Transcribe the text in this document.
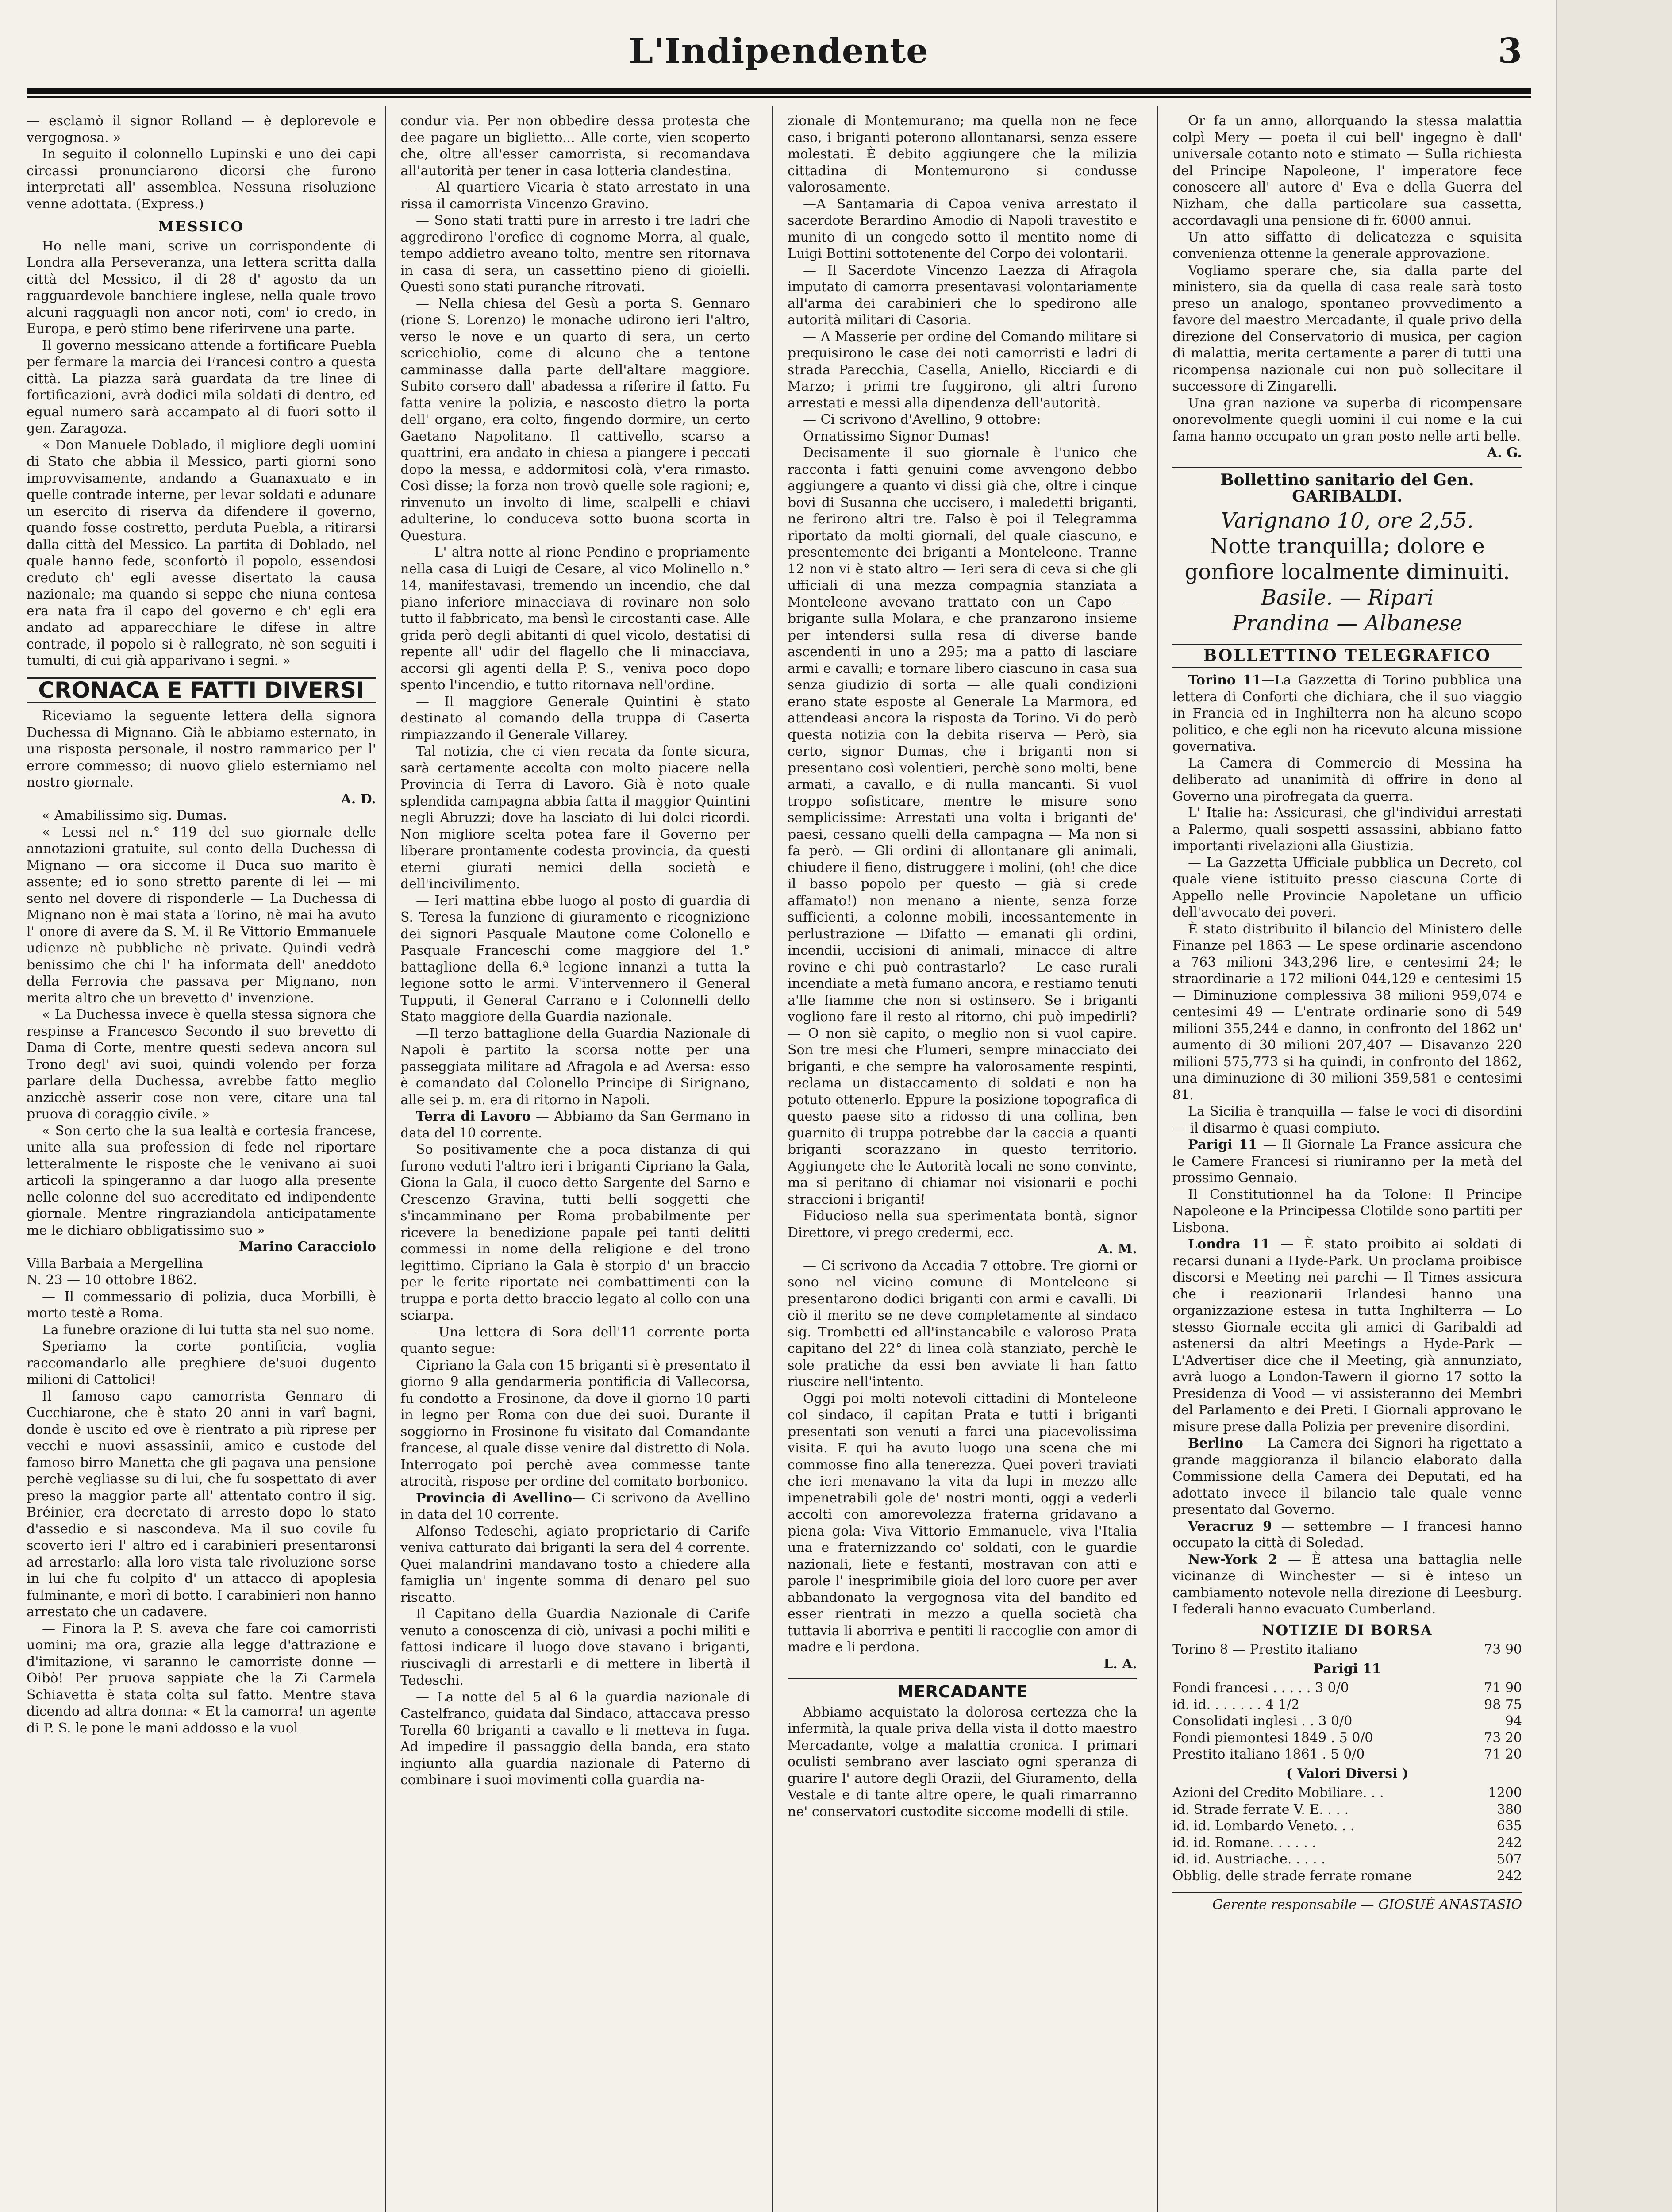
L'Indipendente	3

— esclamò il signor Rolland — è deplorevole e vergognosa. »

In seguito il colonnello Lupinski e uno dei capi circassi pronunciarono dicorsi che furono interpretati all' assemblea. Nessuna risoluzione venne adottata. (Express.)

MESSICO

Ho nelle mani, scrive un corrispondente di Londra alla Perseveranza, una lettera scritta dalla città del Messico, il di 28 d' agosto da un ragguardevole banchiere inglese, nella quale trovo alcuni ragguagli non ancor noti, com' io credo, in Europa, e però stimo bene riferirvene una parte.

Il governo messicano attende a fortificare Puebla per fermare la marcia dei Francesi contro a questa città. La piazza sarà guardata da tre linee di fortificazioni, avrà dodici mila soldati di dentro, ed egual numero sarà accampato al di fuori sotto il gen. Zaragoza.

« Don Manuele Doblado, il migliore degli uomini di Stato che abbia il Messico, parti giorni sono improvvisamente, andando a Guanaxuato e in quelle contrade interne, per levar soldati e adunare un esercito di riserva da difendere il governo, quando fosse costretto, perduta Puebla, a ritirarsi dalla città del Messico. La partita di Doblado, nel quale hanno fede, sconfortò il popolo, essendosi creduto ch' egli avesse disertato la causa nazionale; ma quando si seppe che niuna contesa era nata fra il capo del governo e ch' egli era andato ad apparecchiare le difese in altre contrade, il popolo si è rallegrato, nè son seguiti i tumulti, di cui già apparivano i segni. »

CRONACA E FATTI DIVERSI

Riceviamo la seguente lettera della signora Duchessa di Mignano. Già le abbiamo esternato, in una risposta personale, il nostro rammarico per l' errore commesso; di nuovo glielo esterniamo nel nostro giornale.

A. D.

« Amabilissimo sig. Dumas.

« Lessi nel n.° 119 del suo giornale delle annotazioni gratuite, sul conto della Duchessa di Mignano — ora siccome il Duca suo marito è assente; ed io sono stretto parente di lei — mi sento nel dovere di risponderle — La Duchessa di Mignano non è mai stata a Torino, nè mai ha avuto l' onore di avere da S. M. il Re Vittorio Emmanuele udienze nè pubbliche nè private. Quindi vedrà benissimo che chi l' ha informata dell' aneddoto della Ferrovia che passava per Mignano, non merita altro che un brevetto d' invenzione.

« La Duchessa invece è quella stessa signora che respinse a Francesco Secondo il suo brevetto di Dama di Corte, mentre questi sedeva ancora sul Trono degl' avi suoi, quindi volendo per forza parlare della Duchessa, avrebbe fatto meglio anzicchè asserir cose non vere, citare una tal pruova di coraggio civile. »

« Son certo che la sua lealtà e cortesia francese, unite alla sua profession di fede nel riportare letteralmente le risposte che le venivano ai suoi articoli la spingeranno a dar luogo alla presente nelle colonne del suo accreditato ed indipendente giornale. Mentre ringraziandola anticipatamente me le dichiaro obbligatissimo suo »

Marino Caracciolo

Villa Barbaia a Mergellina

N. 23 — 10 ottobre 1862.

— Il commessario di polizia, duca Morbilli, è morto testè a Roma.

La funebre orazione di lui tutta sta nel suo nome.

Speriamo la corte pontificia, voglia raccomandarlo alle preghiere de'suoi dugento milioni di Cattolici!

Il famoso capo camorrista Gennaro di Cucchiarone, che è stato 20 anni in varî bagni, donde è uscito ed ove è rientrato a più riprese per vecchi e nuovi assassinii, amico e custode del famoso birro Manetta che gli pagava una pensione perchè vegliasse su di lui, che fu sospettato di aver preso la maggior parte all' attentato contro il sig. Bréinier, era decretato di arresto dopo lo stato d'assedio e si nascondeva. Ma il suo covile fu scoverto ieri l' altro ed i carabinieri presentaronsi ad arrestarlo: alla loro vista tale rivoluzione sorse in lui che fu colpito d' un attacco di apoplesia fulminante, e morì di botto. I carabinieri non hanno arrestato che un cadavere.

— Finora la P. S. aveva che fare coi camorristi uomini; ma ora, grazie alla legge d'attrazione e d'imitazione, vi saranno le camorriste donne — Oibò! Per pruova sappiate che la Zi Carmela Schiavetta è stata colta sul fatto. Mentre stava dicendo ad altra donna: « Et la camorra! un agente di P. S. le pone le mani addosso e la vuol

condur via. Per non obbedire dessa protesta che dee pagare un biglietto... Alle corte, vien scoperto che, oltre all'esser camorrista, si recomandava all'autorità per tener in casa lotteria clandestina.

— Al quartiere Vicaria è stato arrestato in una rissa il camorrista Vincenzo Gravino.

— Sono stati tratti pure in arresto i tre ladri che aggredirono l'orefice di cognome Morra, al quale, tempo addietro aveano tolto, mentre sen ritornava in casa di sera, un cassettino pieno di gioielli. Questi sono stati puranche ritrovati.

— Nella chiesa del Gesù a porta S. Gennaro (rione S. Lorenzo) le monache udirono ieri l'altro, verso le nove e un quarto di sera, un certo scricchiolio, come di alcuno che a tentone camminasse dalla parte dell'altare maggiore. Subito corsero dall' abadessa a riferire il fatto. Fu fatta venire la polizia, e nascosto dietro la porta dell' organo, era colto, fingendo dormire, un certo Gaetano Napolitano. Il cattivello, scarso a quattrini, era andato in chiesa a piangere i peccati dopo la messa, e addormitosi colà, v'era rimasto. Così disse; la forza non trovò quelle sole ragioni; e, rinvenuto un involto di lime, scalpelli e chiavi adulterine, lo conduceva sotto buona scorta in Questura.

— L' altra notte al rione Pendino e propriamente nella casa di Luigi de Cesare, al vico Molinello n.° 14, manifestavasi, tremendo un incendio, che dal piano inferiore minacciava di rovinare non solo tutto il fabbricato, ma bensì le circostanti case. Alle grida però degli abitanti di quel vicolo, destatisi di repente all' udir del flagello che li minacciava, accorsi gli agenti della P. S., veniva poco dopo spento l'incendio, e tutto ritornava nell'ordine.

— Il maggiore Generale Quintini è stato destinato al comando della truppa di Caserta rimpiazzando il Generale Villarey.

Tal notizia, che ci vien recata da fonte sicura, sarà certamente accolta con molto piacere nella Provincia di Terra di Lavoro. Già è noto quale splendida campagna abbia fatta il maggior Quintini negli Abruzzi; dove ha lasciato di lui dolci ricordi. Non migliore scelta potea fare il Governo per liberare prontamente codesta provincia, da questi eterni giurati nemici della società e dell'incivilimento.

— Ieri mattina ebbe luogo al posto di guardia di S. Teresa la funzione di giuramento e ricognizione dei signori Pasquale Mautone come Colonello e Pasquale Franceschi come maggiore del 1.° battaglione della 6.ª legione innanzi a tutta la legione sotto le armi. V'intervennero il General Tupputi, il General Carrano e i Colonnelli dello Stato maggiore della Guardia nazionale.

—Il terzo battaglione della Guardia Nazionale di Napoli è partito la scorsa notte per una passeggiata militare ad Afragola e ad Aversa: esso è comandato dal Colonello Principe di Sirignano, alle sei p. m. era di ritorno in Napoli.

Terra di Lavoro — Abbiamo da San Germano in data del 10 corrente.

So positivamente che a poca distanza di qui furono veduti l'altro ieri i briganti Cipriano la Gala, Giona la Gala, il cuoco detto Sargente del Sarno e Crescenzo Gravina, tutti belli soggetti che s'incamminano per Roma probabilmente per ricevere la benedizione papale pei tanti delitti commessi in nome della religione e del trono legittimo. Cipriano la Gala è storpio d' un braccio per le ferite riportate nei combattimenti con la truppa e porta detto braccio legato al collo con una sciarpa.

— Una lettera di Sora dell'11 corrente porta quanto segue:

Cipriano la Gala con 15 briganti si è presentato il giorno 9 alla gendarmeria pontificia di Vallecorsa, fu condotto a Frosinone, da dove il giorno 10 parti in legno per Roma con due dei suoi. Durante il soggiorno in Frosinone fu visitato dal Comandante francese, al quale disse venire dal distretto di Nola. Interrogato poi perchè avea commesse tante atrocità, rispose per ordine del comitato borbonico.

Provincia di Avellino— Ci scrivono da Avellino in data del 10 corrente.

Alfonso Tedeschi, agiato proprietario di Carife veniva catturato dai briganti la sera del 4 corrente. Quei malandrini mandavano tosto a chiedere alla famiglia un' ingente somma di denaro pel suo riscatto.

Il Capitano della Guardia Nazionale di Carife venuto a conoscenza di ciò, univasi a pochi militi e fattosi indicare il luogo dove stavano i briganti, riuscivagli di arrestarli e di mettere in libertà il Tedeschi.

— La notte del 5 al 6 la guardia nazionale di Castelfranco, guidata dal Sindaco, attaccava presso Torella 60 briganti a cavallo e li metteva in fuga. Ad impedire il passaggio della banda, era stato ingiunto alla guardia nazionale di Paterno di combinare i suoi movimenti colla guardia na-

zionale di Montemurano; ma quella non ne fece caso, i briganti poterono allontanarsi, senza essere molestati. È debito aggiungere che la milizia cittadina di Montemurono si condusse valorosamente.

—A Santamaria di Capoa veniva arrestato il sacerdote Berardino Amodio di Napoli travestito e munito di un congedo sotto il mentito nome di Luigi Bottini sottotenente del Corpo dei volontarii.

— Il Sacerdote Vincenzo Laezza di Afragola imputato di camorra presentavasi volontariamente all'arma dei carabinieri che lo spedirono alle autorità militari di Casoria.

— A Masserie per ordine del Comando militare si prequisirono le case dei noti camorristi e ladri di strada Parecchia, Casella, Aniello, Ricciardi e di Marzo; i primi tre fuggirono, gli altri furono arrestati e messi alla dipendenza dell'autorità.

— Ci scrivono d'Avellino, 9 ottobre:

Ornatissimo Signor Dumas!

Decisamente il suo giornale è l'unico che racconta i fatti genuini come avvengono debbo aggiungere a quanto vi dissi già che, oltre i cinque bovi di Susanna che uccisero, i maledetti briganti, ne ferirono altri tre. Falso è poi il Telegramma riportato da molti giornali, del quale ciascuno, e presentemente dei briganti a Monteleone. Tranne 12 non vi è stato altro — Ieri sera di ceva si che gli ufficiali di una mezza compagnia stanziata a Monteleone avevano trattato con un Capo — brigante sulla Molara, e che pranzarono insieme per intendersi sulla resa di diverse bande ascendenti in uno a 295; ma a patto di lasciare armi e cavalli; e tornare libero ciascuno in casa sua senza giudizio di sorta — alle quali condizioni erano state esposte al Generale La Marmora, ed attendeasi ancora la risposta da Torino. Vi do però questa notizia con la debita riserva — Però, sia certo, signor Dumas, che i briganti non si presentano così volentieri, perchè sono molti, bene armati, a cavallo, e di nulla mancanti. Si vuol troppo sofisticare, mentre le misure sono semplicissime: Arrestati una volta i briganti de' paesi, cessano quelli della campagna — Ma non si fa però. — Gli ordini di allontanare gli animali, chiudere il fieno, distruggere i molini, (oh! che dice il basso popolo per questo — già si crede affamato!) non menano a niente, senza forze sufficienti, a colonne mobili, incessantemente in perlustrazione — Difatto — emanati gli ordini, incendii, uccisioni di animali, minacce di altre rovine e chi può contrastarlo? — Le case rurali incendiate a metà fumano ancora, e restiamo tenuti a'lle fiamme che non si ostinsero. Se i briganti vogliono fare il resto al ritorno, chi può impedirli? — O non siè capito, o meglio non si vuol capire. Son tre mesi che Flumeri, sempre minacciato dei briganti, e che sempre ha valorosamente respinti, reclama un distaccamento di soldati e non ha potuto ottenerlo. Eppure la posizione topografica di questo paese sito a ridosso di una collina, ben guarnito di truppa potrebbe dar la caccia a quanti briganti scorazzano in questo territorio. Aggiungete che le Autorità locali ne sono convinte, ma si peritano di chiamar noi visionarii e pochi straccioni i briganti!

Fiducioso nella sua sperimentata bontà, signor Direttore, vi prego credermi, ecc.

A. M.

— Ci scrivono da Accadia 7 ottobre. Tre giorni or sono nel vicino comune di Monteleone si presentarono dodici briganti con armi e cavalli. Di ciò il merito se ne deve completamente al sindaco sig. Trombetti ed all'instancabile e valoroso Prata capitano del 22° di linea colà stanziato, perchè le sole pratiche da essi ben avviate li han fatto riuscire nell'intento.

Oggi poi molti notevoli cittadini di Monteleone col sindaco, il capitan Prata e tutti i briganti presentati son venuti a farci una piacevolissima visita. E qui ha avuto luogo una scena che mi commosse fino alla tenerezza. Quei poveri traviati che ieri menavano la vita da lupi in mezzo alle impenetrabili gole de' nostri monti, oggi a vederli accolti con amorevolezza fraterna gridavano a piena gola: Viva Vittorio Emmanuele, viva l'Italia una e fraternizzando co' soldati, con le guardie nazionali, liete e festanti, mostravan con atti e parole l' inesprimibile gioia del loro cuore per aver abbandonato la vergognosa vita del bandito ed esser rientrati in mezzo a quella società cha tuttavia li aborriva e pentiti li raccoglie con amor di madre e li perdona.

L. A.

MERCADANTE

Abbiamo acquistato la dolorosa certezza che la infermità, la quale priva della vista il dotto maestro Mercadante, volge a malattia cronica. I primari oculisti sembrano aver lasciato ogni speranza di guarire l' autore degli Orazii, del Giuramento, della Vestale e di tante altre opere, le quali rimarranno ne' conservatori custodite siccome modelli di stile.

Or fa un anno, allorquando la stessa malattia colpì Mery — poeta il cui bell' ingegno è dall' universale cotanto noto e stimato — Sulla richiesta del Principe Napoleone, l' imperatore fece conoscere all' autore d' Eva e della Guerra del Nizham, che dalla particolare sua cassetta, accordavagli una pensione di fr. 6000 annui.

Un atto siffatto di delicatezza e squisita convenienza ottenne la generale approvazione.

Vogliamo sperare che, sia dalla parte del ministero, sia da quella di casa reale sarà tosto preso un analogo, spontaneo provvedimento a favore del maestro Mercadante, il quale privo della direzione del Conservatorio di musica, per cagion di malattia, merita certamente a parer di tutti una ricompensa nazionale cui non può sollecitare il successore di Zingarelli.

Una gran nazione va superba di ricompensare onorevolmente quegli uomini il cui nome e la cui fama hanno occupato un gran posto nelle arti belle.

A. G.

Bollettino sanitario del Gen. GARIBALDI.

Varignano 10, ore 2,55.

Notte tranquilla; dolore e gonfiore localmente diminuiti.

Basile. — Ripari

Prandina — Albanese

BOLLETTINO TELEGRAFICO

Torino 11—La Gazzetta di Torino pubblica una lettera di Conforti che dichiara, che il suo viaggio in Francia ed in Inghilterra non ha alcuno scopo politico, e che egli non ha ricevuto alcuna missione governativa.

La Camera di Commercio di Messina ha deliberato ad unanimità di offrire in dono al Governo una pirofregata da guerra.

L' Italie ha: Assicurasi, che gl'individui arrestati a Palermo, quali sospetti assassini, abbiano fatto importanti rivelazioni alla Giustizia.

— La Gazzetta Ufficiale pubblica un Decreto, col quale viene istituito presso ciascuna Corte di Appello nelle Provincie Napoletane un ufficio dell'avvocato dei poveri.

È stato distribuito il bilancio del Ministero delle Finanze pel 1863 — Le spese ordinarie ascendono a 763 milioni 343,296 lire, e centesimi 24; le straordinarie a 172 milioni 044,129 e centesimi 15 — Diminuzione complessiva 38 milioni 959,074 e centesimi 49 — L'entrate ordinarie sono di 549 milioni 355,244 e danno, in confronto del 1862 un' aumento di 30 milioni 207,407 — Disavanzo 220 milioni 575,773 si ha quindi, in confronto del 1862, una diminuzione di 30 milioni 359,581 e centesimi 81.

La Sicilia è tranquilla — false le voci di disordini — il disarmo è quasi compiuto.

Parigi 11 — Il Giornale La France assicura che le Camere Francesi si riuniranno per la metà del prossimo Gennaio.

Il Constitutionnel ha da Tolone: Il Principe Napoleone e la Principessa Clotilde sono partiti per Lisbona.

Londra 11 — È stato proibito ai soldati di recarsi dunani a Hyde-Park. Un proclama proibisce discorsi e Meeting nei parchi — Il Times assicura che i reazionarii Irlandesi hanno una organizzazione estesa in tutta Inghilterra — Lo stesso Giornale eccita gli amici di Garibaldi ad astenersi da altri Meetings a Hyde-Park — L'Advertiser dice che il Meeting, già annunziato, avrà luogo a London-Tawern il giorno 17 sotto la Presidenza di Vood — vi assisteranno dei Membri del Parlamento e dei Preti. I Giornali approvano le misure prese dalla Polizia per prevenire disordini.

Berlino — La Camera dei Signori ha rigettato a grande maggioranza il bilancio elaborato dalla Commissione della Camera dei Deputati, ed ha adottato invece il bilancio tale quale venne presentato dal Governo.

Veracruz 9 — settembre — I francesi hanno occupato la città di Soledad.

New-York 2 — È attesa una battaglia nelle vicinanze di Winchester — si è inteso un cambiamento notevole nella direzione di Leesburg. I federali hanno evacuato Cumberland.

NOTIZIE DI BORSA
Torino 8 — Prestito italiano	73 90
Parigi 11
Fondi francesi . . . . . 3 0/0	71 90
id. id. . . . . . . 4 1/2	98 75
Consolidati inglesi . . 3 0/0	94
Fondi piemontesi 1849 . 5 0/0	73 20
Prestito italiano 1861 . 5 0/0	71 20
( Valori Diversi )
Azioni del Credito Mobiliare. . .	1200
id. Strade ferrate V. E. . . .	380
id. id. Lombardo Veneto. . .	635
id. id. Romane. . . . . .	242
id. id. Austriache. . . . .	507
Obblig. delle strade ferrate romane	242

Gerente responsabile — GIOSUÈ ANASTASIO
